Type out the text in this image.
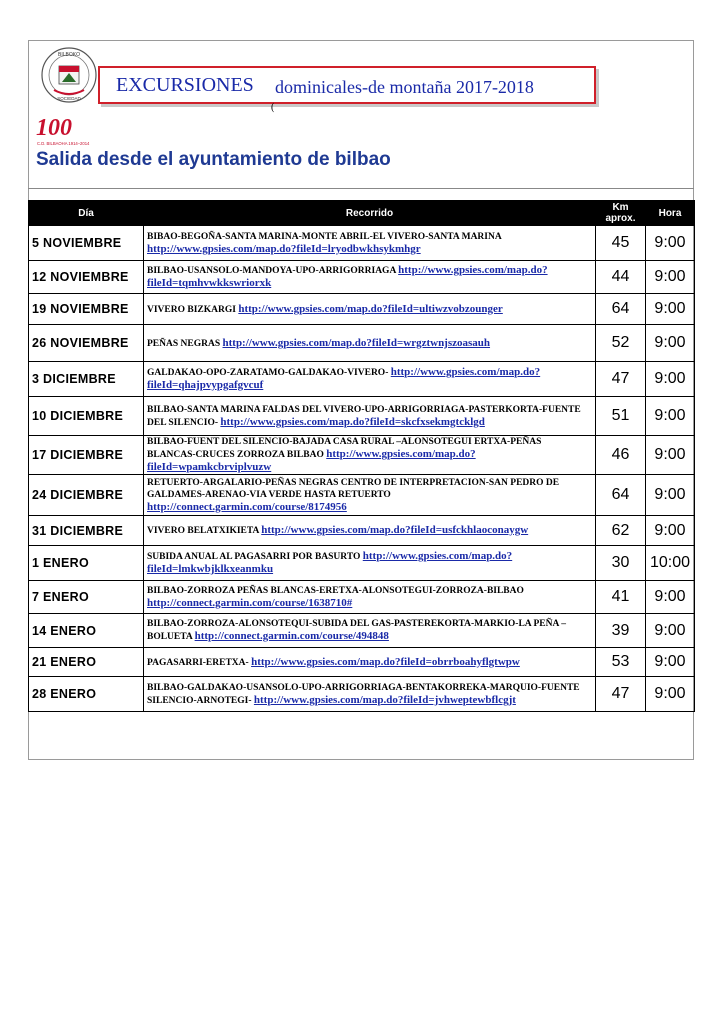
BILBOKO
SOCIEDAD
100
C.D. BILBAOHA 1914–2014
EXCURSIONES dominicales-de montaña 2017-2018
(
Salida desde el ayuntamiento de bilbao
Día	Recorrido	Km aprox.	Hora
5 NOVIEMBRE	BIBAO-BEGOÑA-SANTA MARINA-MONTE ABRIL-EL VIVERO-SANTA MARINA http://www.gpsies.com/map.do?fileId=lryodbwkhsykmhgr	45	9:00
12 NOVIEMBRE	BILBAO-USANSOLO-MANDOYA-UPO-ARRIGORRIAGA http://www.gpsies.com/map.do?fileId=tqmhvwkkswriorxk	44	9:00
19 NOVIEMBRE	VIVERO BIZKARGI http://www.gpsies.com/map.do?fileId=ultiwzvobzounger	64	9:00
26 NOVIEMBRE	PEÑAS NEGRAS http://www.gpsies.com/map.do?fileId=wrgztwnjszoasauh	52	9:00
3 DICIEMBRE	GALDAKAO-OPO-ZARATAMO-GALDAKAO-VIVERO- http://www.gpsies.com/map.do?fileId=qhajpvypgafgvcuf	47	9:00
10 DICIEMBRE	BILBAO-SANTA MARINA FALDAS DEL VIVERO-UPO-ARRIGORRIAGA-PASTERKORTA-FUENTE DEL SILENCIO- http://www.gpsies.com/map.do?fileId=skcfxsekmgtcklgd	51	9:00
17 DICIEMBRE	BILBAO-FUENT DEL SILENCIO-BAJADA CASA RURAL –ALONSOTEGUI ERTXA-PEÑAS BLANCAS-CRUCES ZORROZA BILBAO http://www.gpsies.com/map.do?fileId=wpamkcbrviplvuzw	46	9:00
24 DICIEMBRE	RETUERTO-ARGALARIO-PEÑAS NEGRAS CENTRO DE INTERPRETACION-SAN PEDRO DE GALDAMES-ARENAO-VIA VERDE HASTA RETUERTO http://connect.garmin.com/course/8174956	64	9:00
31 DICIEMBRE	VIVERO BELATXIKIETA http://www.gpsies.com/map.do?fileId=usfckhlaoconaygw	62	9:00
1 ENERO	SUBIDA ANUAL AL PAGASARRI POR BASURTO http://www.gpsies.com/map.do?fileId=lmkwbjklkxeanmku	30	10:00
7 ENERO	BILBAO-ZORROZA PEÑAS BLANCAS-ERETXA-ALONSOTEGUI-ZORROZA-BILBAO http://connect.garmin.com/course/1638710#	41	9:00
14 ENERO	BILBAO-ZORROZA-ALONSOTEQUI-SUBIDA DEL GAS-PASTEREKORTA-MARKIO-LA PEÑA –BOLUETA http://connect.garmin.com/course/494848	39	9:00
21 ENERO	PAGASARRI-ERETXA- http://www.gpsies.com/map.do?fileId=obrrboahyflgtwpw	53	9:00
28 ENERO	BILBAO-GALDAKAO-USANSOLO-UPO-ARRIGORRIAGA-BENTAKORREKA-MARQUIO-FUENTE SILENCIO-ARNOTEGI- http://www.gpsies.com/map.do?fileId=jvhweptewbflcgjt	47	9:00
